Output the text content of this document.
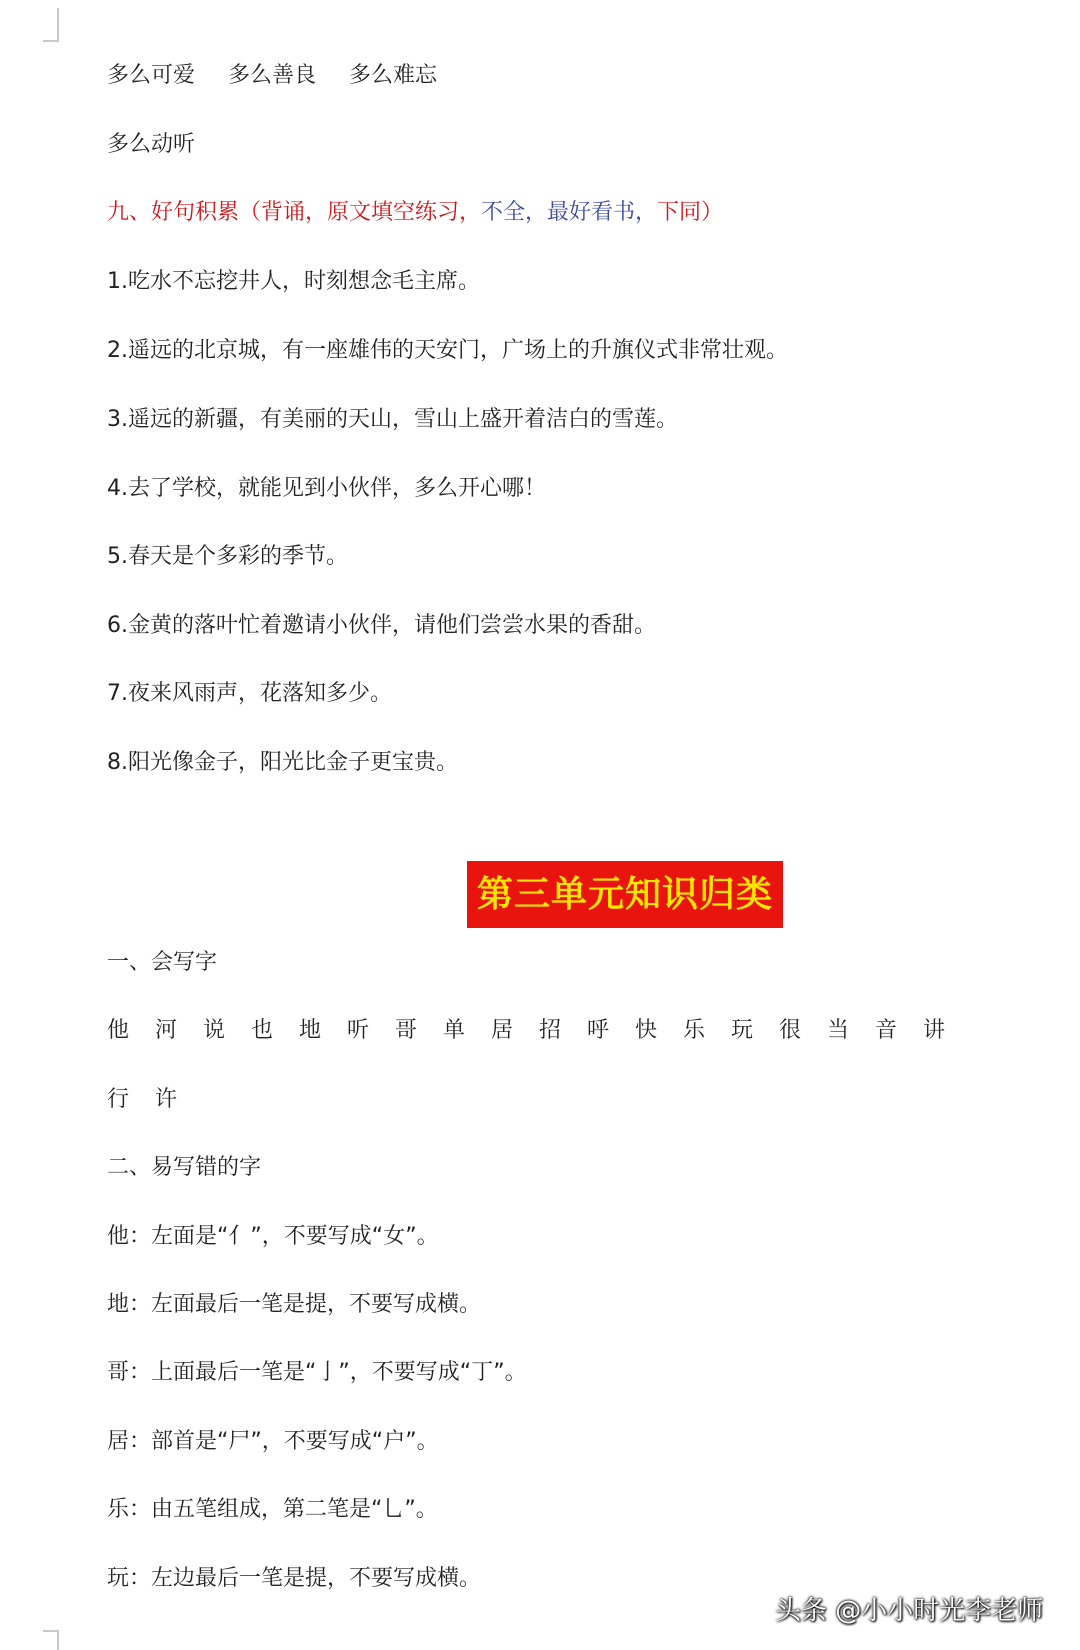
多么可爱 多么善良 多么难忘
多么动听
九、好句积累（背诵，原文填空练习，不全，最好看书，下同）
1.吃水不忘挖井人，时刻想念毛主席。
2.遥远的北京城，有一座雄伟的天安门，广场上的升旗仪式非常壮观。
3.遥远的新疆，有美丽的天山，雪山上盛开着洁白的雪莲。
4.去了学校，就能见到小伙伴，多么开心哪！
5.春天是个多彩的季节。
6.金黄的落叶忙着邀请小伙伴，请他们尝尝水果的香甜。
7.夜来风雨声，花落知多少。
8.阳光像金子，阳光比金子更宝贵。
第三单元知识归类
一、会写字
他 河 说 也 地 听 哥 单 居 招 呼 快 乐 玩 很 当 音 讲
行 许
二、易写错的字
他：左面是“亻”，不要写成“女”。
地：左面最后一笔是提，不要写成横。
哥：上面最后一笔是“亅”，不要写成“丁”。
居：部首是“尸”，不要写成“户”。
乐：由五笔组成，第二笔是“乚”。
玩：左边最后一笔是提，不要写成横。
头条 @小小时光李老师
